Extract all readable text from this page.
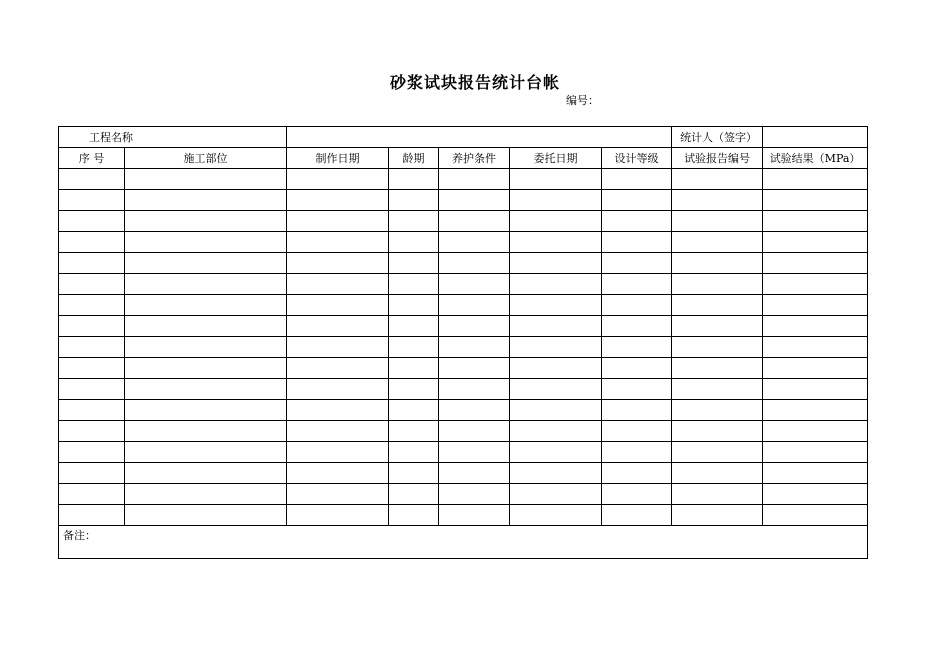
砂浆试块报告统计台帐
编号：
工程名称							统计人（签字）	
序 号	施工部位	制作日期	龄期	养护条件	委托日期	设计等级	试验报告编号	试验结果（MPa）

备注：								
